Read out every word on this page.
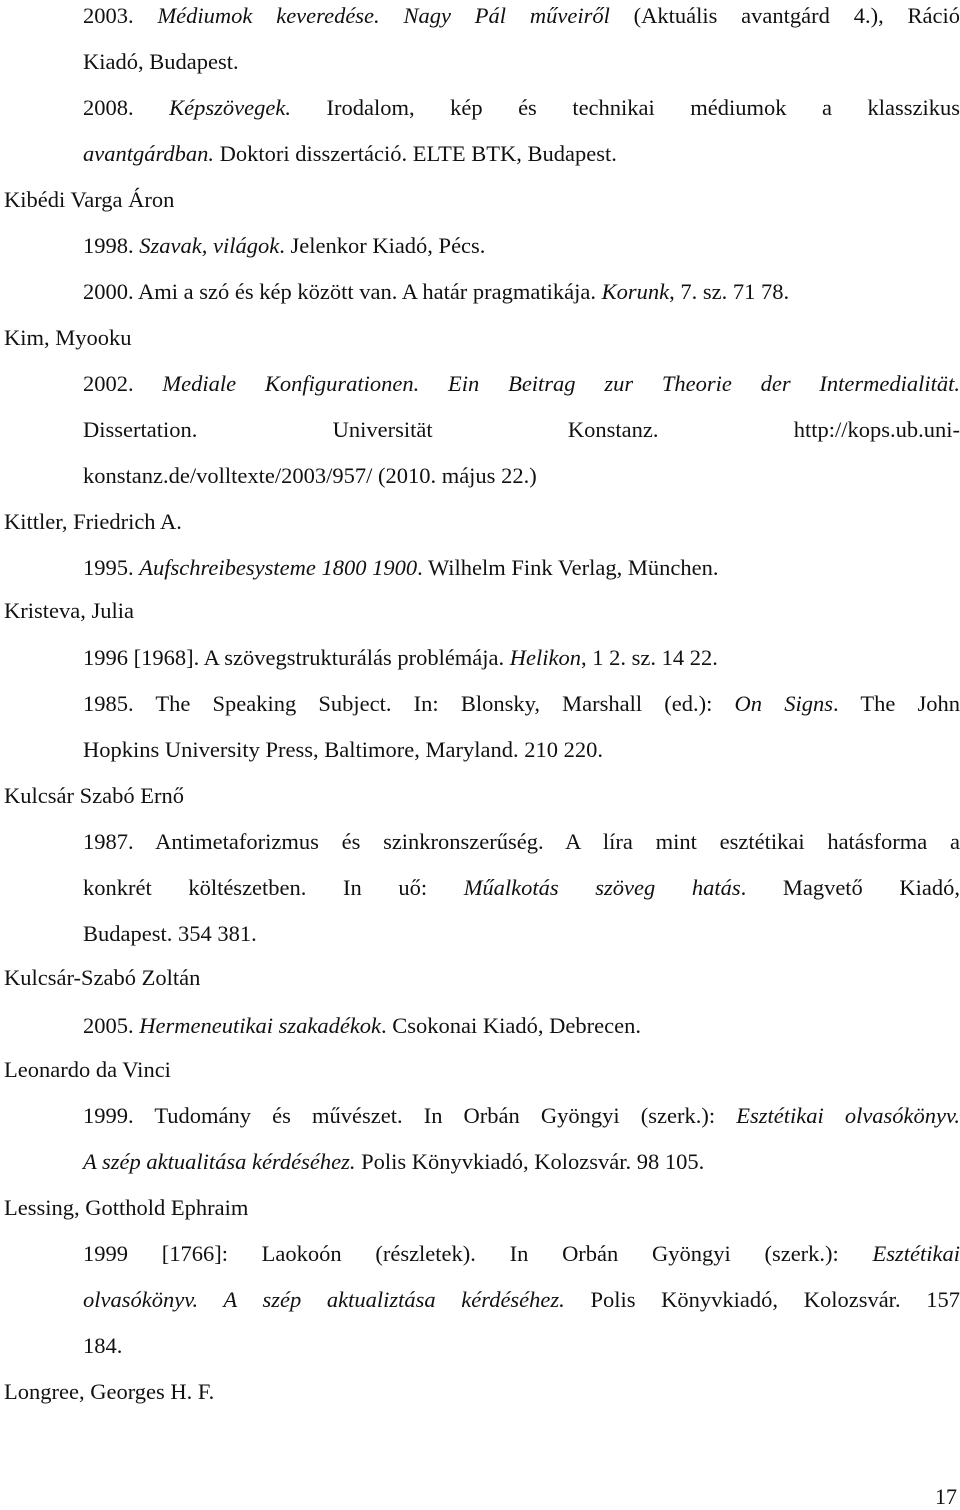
2003. Médiumok keveredése. Nagy Pál műveiről (Aktuális avantgárd 4.), Ráció
Kiadó, Budapest.
2008. Képszövegek. Irodalom, kép és technikai médiumok a klasszikus
avantgárdban. Doktori disszertáció. ELTE BTK, Budapest.
Kibédi Varga Áron
1998. Szavak, világok. Jelenkor Kiadó, Pécs.
2000. Ami a szó és kép között van. A határ pragmatikája. Korunk, 7. sz. 71 78.
Kim, Myooku
2002. Mediale Konfigurationen. Ein Beitrag zur Theorie der Intermedialität.
Dissertation. Universität Konstanz. http://kops.ub.uni-
konstanz.de/volltexte/2003/957/ (2010. május 22.)
Kittler, Friedrich A.
1995. Aufschreibesysteme 1800 1900. Wilhelm Fink Verlag, München.
Kristeva, Julia
1996 [1968]. A szövegstrukturálás problémája. Helikon, 1 2. sz. 14 22.
1985. The Speaking Subject. In: Blonsky, Marshall (ed.): On Signs. The John
Hopkins University Press, Baltimore, Maryland. 210 220.
Kulcsár Szabó Ernő
1987. Antimetaforizmus és szinkronszerűség. A líra mint esztétikai hatásforma a
konkrét költészetben. In uő: Műalkotás szöveg hatás. Magvető Kiadó,
Budapest. 354 381.
Kulcsár-Szabó Zoltán
2005. Hermeneutikai szakadékok. Csokonai Kiadó, Debrecen.
Leonardo da Vinci
1999. Tudomány és művészet. In Orbán Gyöngyi (szerk.): Esztétikai olvasókönyv.
A szép aktualitása kérdéséhez. Polis Könyvkiadó, Kolozsvár. 98 105.
Lessing, Gotthold Ephraim
1999 [1766]: Laokoón (részletek). In Orbán Gyöngyi (szerk.): Esztétikai
olvasókönyv. A szép aktualiztása kérdéséhez. Polis Könyvkiadó, Kolozsvár. 157
184.
Longree, Georges H. F.
17
